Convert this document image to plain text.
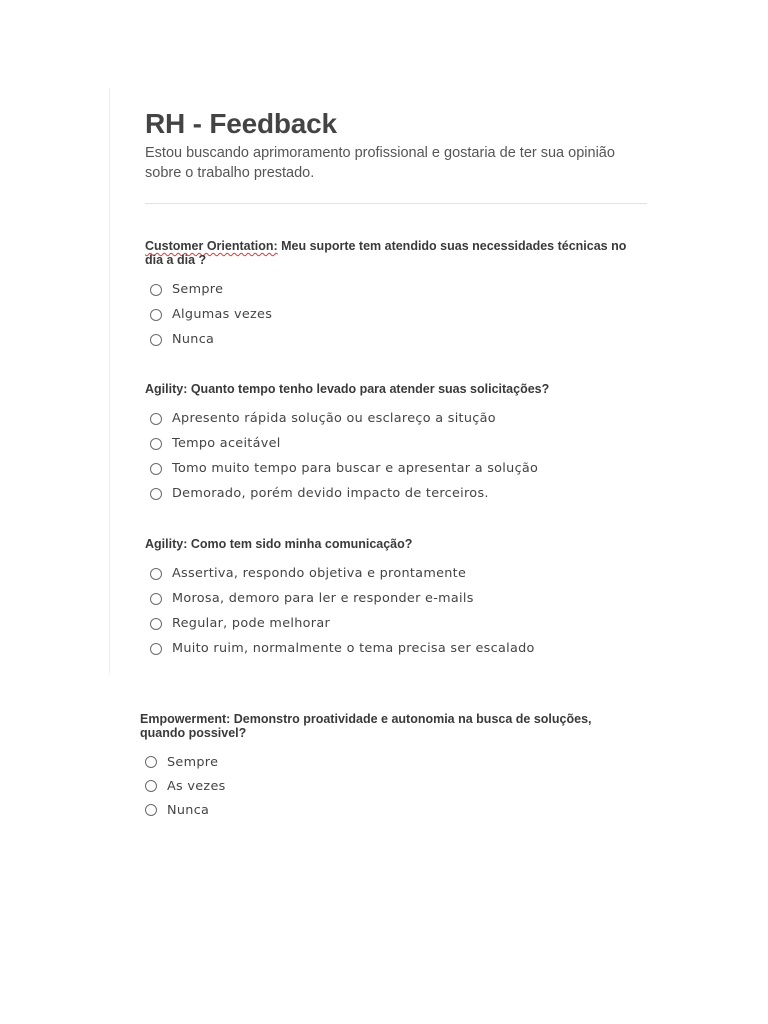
RH - Feedback

Estou buscando aprimoramento profissional e gostaria de ter sua opinião sobre o trabalho prestado.

Customer Orientation: Meu suporte tem atendido suas necessidades técnicas no dia a dia ?

Sempre
Algumas vezes
Nunca

Agility: Quanto tempo tenho levado para atender suas solicitações?

Apresento rápida solução ou esclareço a situção
Tempo aceitável
Tomo muito tempo para buscar e apresentar a solução
Demorado, porém devido impacto de terceiros.

Agility: Como tem sido minha comunicação?

Assertiva, respondo objetiva e prontamente
Morosa, demoro para ler e responder e-mails
Regular, pode melhorar
Muito ruim, normalmente o tema precisa ser escalado

Empowerment: Demonstro proatividade e autonomia na busca de soluções, quando possivel?

Sempre
As vezes
Nunca
